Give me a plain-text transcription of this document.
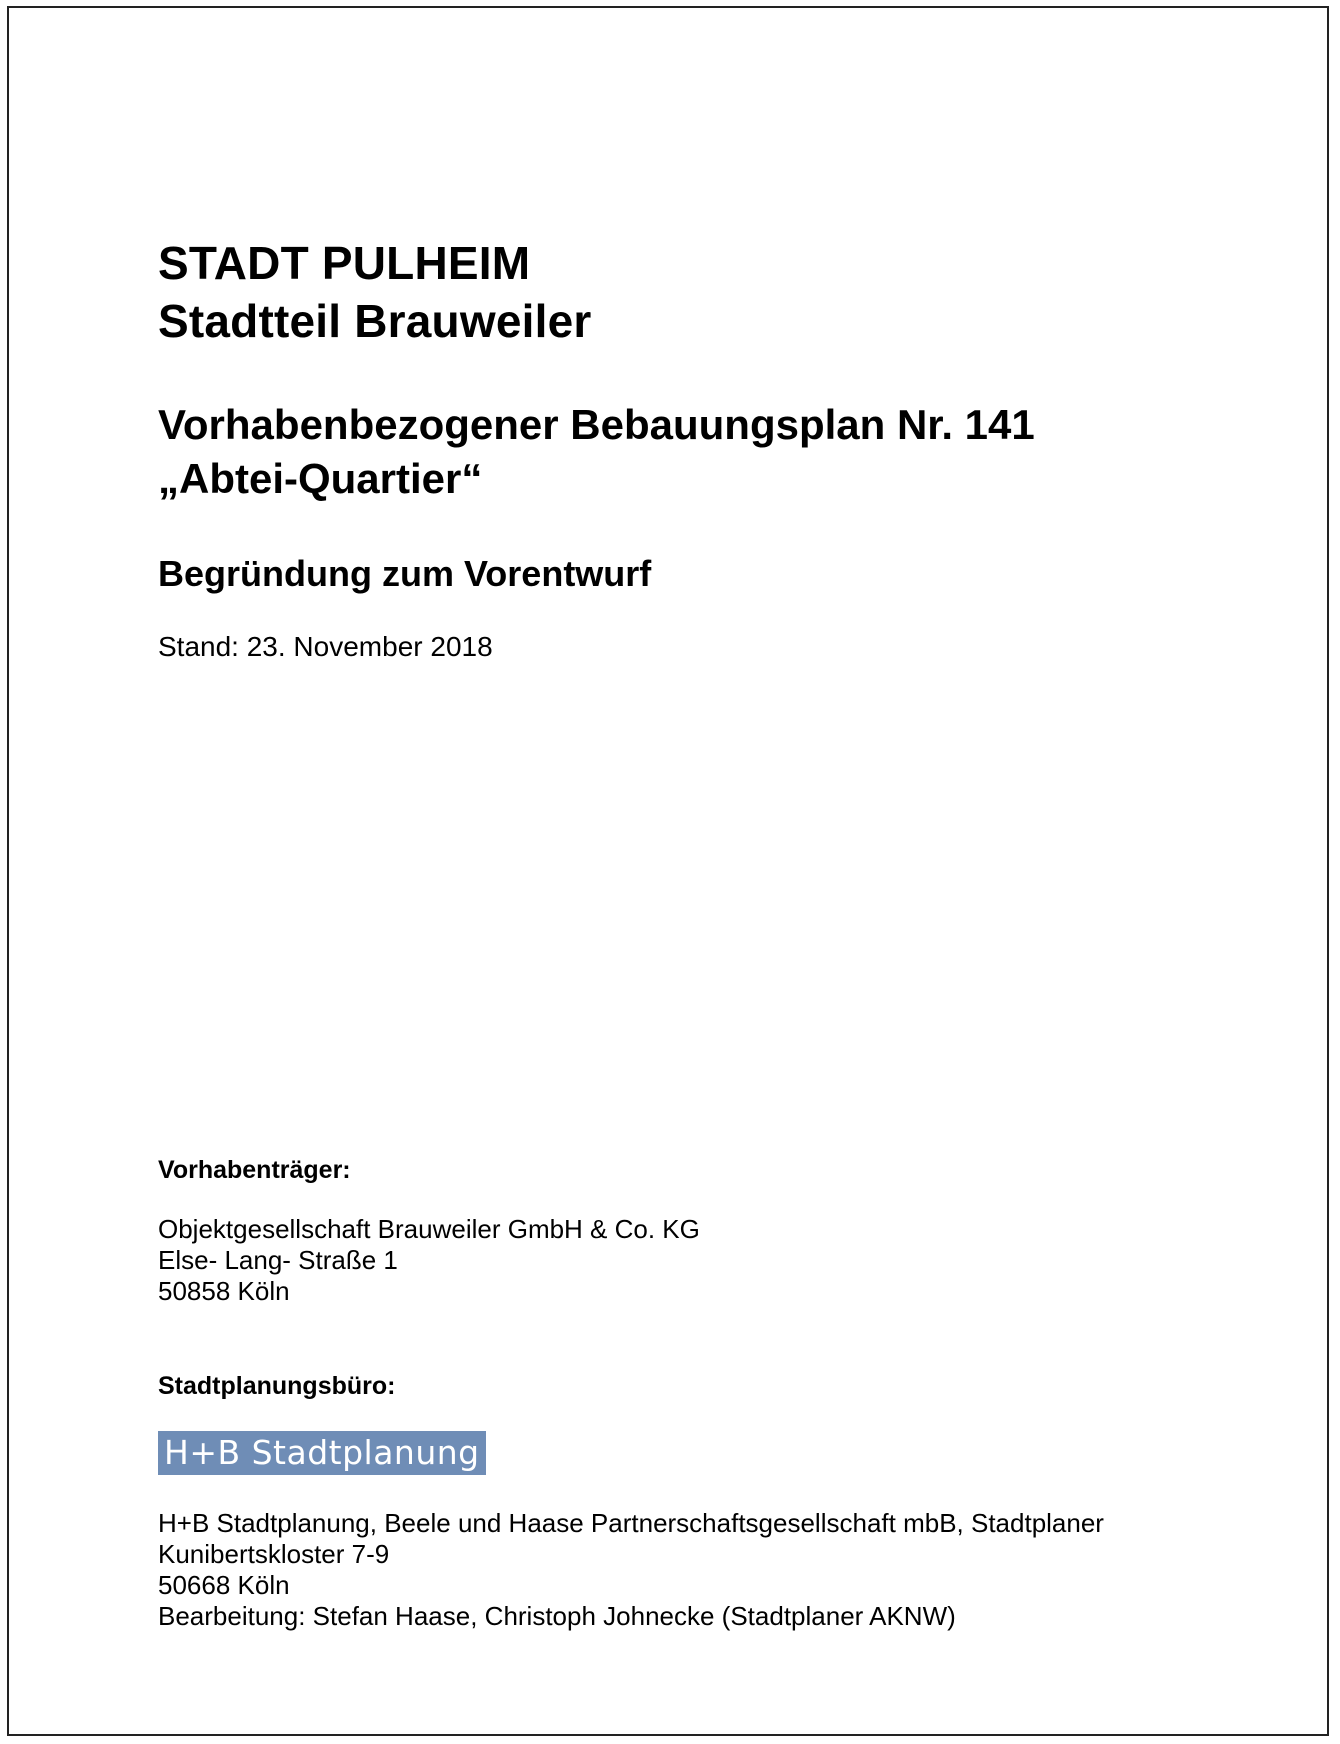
STADT PULHEIM
Stadtteil Brauweiler
Vorhabenbezogener Bebauungsplan Nr. 141
„Abtei-Quartier“
Begründung zum Vorentwurf
Stand: 23. November 2018
Vorhabenträger:
Objektgesellschaft Brauweiler GmbH & Co. KG
Else- Lang- Straße 1
50858 Köln
Stadtplanungsbüro:
H+B Stadtplanung
H+B Stadtplanung, Beele und Haase Partnerschaftsgesellschaft mbB, Stadtplaner
Kunibertskloster 7-9
50668 Köln
Bearbeitung: Stefan Haase, Christoph Johnecke (Stadtplaner AKNW)
